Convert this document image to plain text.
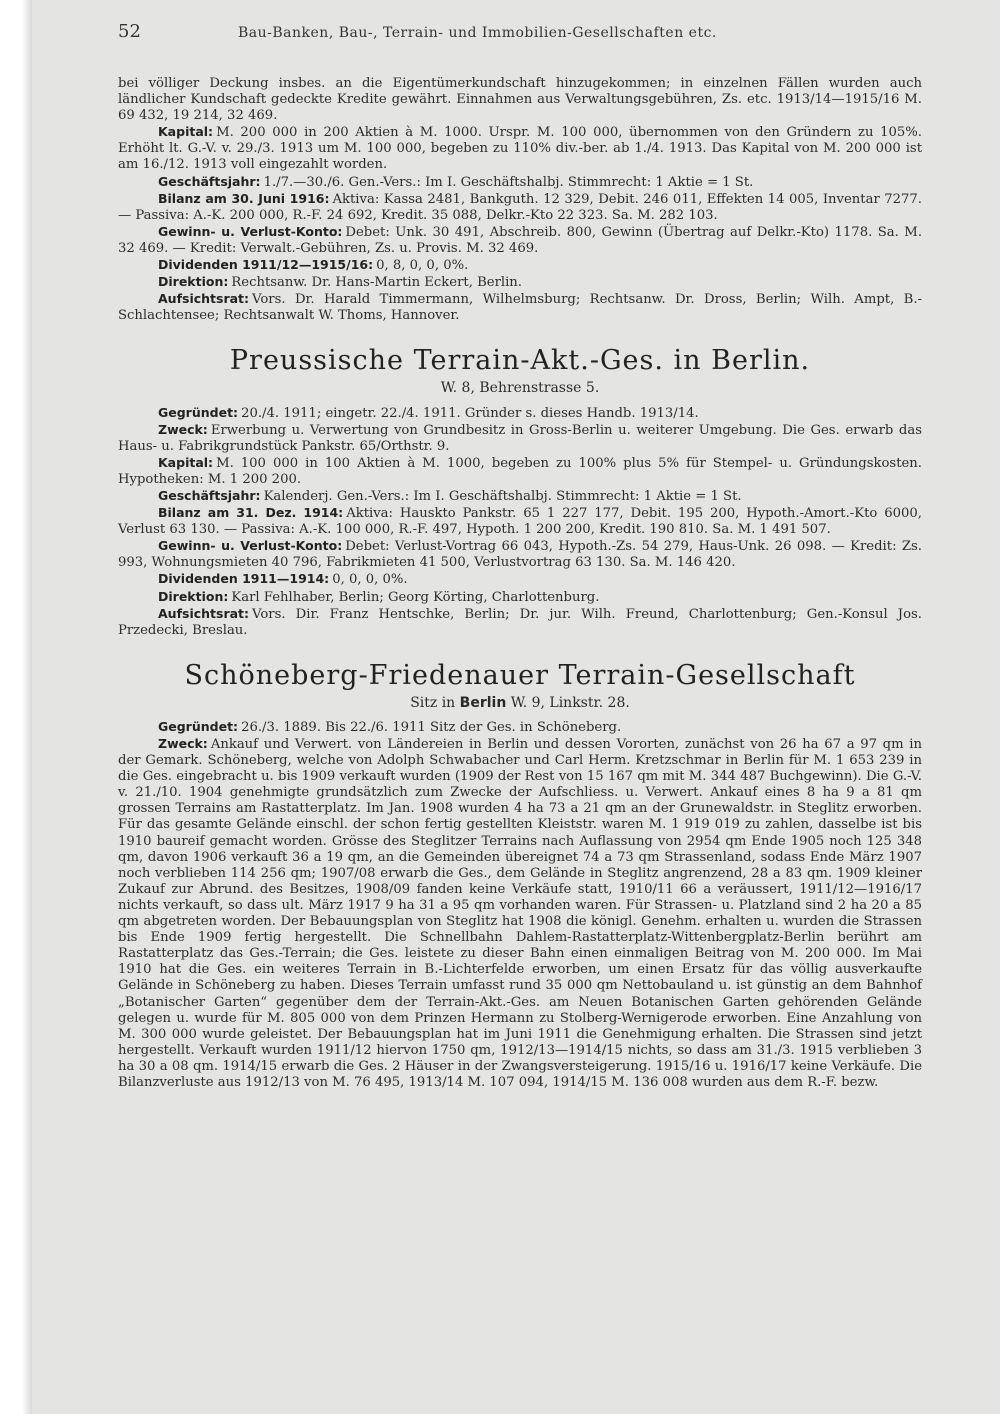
52	Bau-Banken, Bau-, Terrain- und Immobilien-Gesellschaften etc.

bei völliger Deckung insbes. an die Eigentümerkundschaft hinzugekommen; in einzelnen Fällen wurden auch ländlicher Kundschaft gedeckte Kredite gewährt. Einnahmen aus Verwaltungsgebühren, Zs. etc. 1913/14—1915/16 M. 69 432, 19 214, 32 469.

Kapital: M. 200 000 in 200 Aktien à M. 1000. Urspr. M. 100 000, übernommen von den Gründern zu 105%. Erhöht lt. G.-V. v. 29./3. 1913 um M. 100 000, begeben zu 110% div.-ber. ab 1./4. 1913. Das Kapital von M. 200 000 ist am 16./12. 1913 voll eingezahlt worden.

Geschäftsjahr: 1./7.—30./6. Gen.-Vers.: Im I. Geschäftshalbj. Stimmrecht: 1 Aktie = 1 St.

Bilanz am 30. Juni 1916: Aktiva: Kassa 2481, Bankguth. 12 329, Debit. 246 011, Effekten 14 005, Inventar 7277. — Passiva: A.-K. 200 000, R.-F. 24 692, Kredit. 35 088, Delkr.-Kto 22 323. Sa. M. 282 103.

Gewinn- u. Verlust-Konto: Debet: Unk. 30 491, Abschreib. 800, Gewinn (Übertrag auf Delkr.-Kto) 1178. Sa. M. 32 469. — Kredit: Verwalt.-Gebühren, Zs. u. Provis. M. 32 469.

Dividenden 1911/12—1915/16: 0, 8, 0, 0, 0%.

Direktion: Rechtsanw. Dr. Hans-Martin Eckert, Berlin.

Aufsichtsrat: Vors. Dr. Harald Timmermann, Wilhelmsburg; Rechtsanw. Dr. Dross, Berlin; Wilh. Ampt, B.-Schlachtensee; Rechtsanwalt W. Thoms, Hannover.

Preussische Terrain-Akt.-Ges. in Berlin.
W. 8, Behrenstrasse 5.

Gegründet: 20./4. 1911; eingetr. 22./4. 1911. Gründer s. dieses Handb. 1913/14.

Zweck: Erwerbung u. Verwertung von Grundbesitz in Gross-Berlin u. weiterer Umgebung. Die Ges. erwarb das Haus- u. Fabrikgrundstück Pankstr. 65/Orthstr. 9.

Kapital: M. 100 000 in 100 Aktien à M. 1000, begeben zu 100% plus 5% für Stempel- u. Gründungskosten. Hypotheken: M. 1 200 200.

Geschäftsjahr: Kalenderj. Gen.-Vers.: Im I. Geschäftshalbj. Stimmrecht: 1 Aktie = 1 St.

Bilanz am 31. Dez. 1914: Aktiva: Hauskto Pankstr. 65 1 227 177, Debit. 195 200, Hypoth.-Amort.-Kto 6000, Verlust 63 130. — Passiva: A.-K. 100 000, R.-F. 497, Hypoth. 1 200 200, Kredit. 190 810. Sa. M. 1 491 507.

Gewinn- u. Verlust-Konto: Debet: Verlust-Vortrag 66 043, Hypoth.-Zs. 54 279, Haus-Unk. 26 098. — Kredit: Zs. 993, Wohnungsmieten 40 796, Fabrikmieten 41 500, Verlustvortrag 63 130. Sa. M. 146 420.

Dividenden 1911—1914: 0, 0, 0, 0%.

Direktion: Karl Fehlhaber, Berlin; Georg Körting, Charlottenburg.

Aufsichtsrat: Vors. Dir. Franz Hentschke, Berlin; Dr. jur. Wilh. Freund, Charlottenburg; Gen.-Konsul Jos. Przedecki, Breslau.

Schöneberg-Friedenauer Terrain-Gesellschaft
Sitz in Berlin W. 9, Linkstr. 28.

Gegründet: 26./3. 1889. Bis 22./6. 1911 Sitz der Ges. in Schöneberg.

Zweck: Ankauf und Verwert. von Ländereien in Berlin und dessen Vororten, zunächst von 26 ha 67 a 97 qm in der Gemark. Schöneberg, welche von Adolph Schwabacher und Carl Herm. Kretzschmar in Berlin für M. 1 653 239 in die Ges. eingebracht u. bis 1909 verkauft wurden (1909 der Rest von 15 167 qm mit M. 344 487 Buchgewinn). Die G.-V. v. 21./10. 1904 genehmigte grundsätzlich zum Zwecke der Aufschliess. u. Verwert. Ankauf eines 8 ha 9 a 81 qm grossen Terrains am Rastatterplatz. Im Jan. 1908 wurden 4 ha 73 a 21 qm an der Grunewaldstr. in Steglitz erworben. Für das gesamte Gelände einschl. der schon fertig gestellten Kleiststr. waren M. 1 919 019 zu zahlen, dasselbe ist bis 1910 baureif gemacht worden. Grösse des Steglitzer Terrains nach Auflassung von 2954 qm Ende 1905 noch 125 348 qm, davon 1906 verkauft 36 a 19 qm, an die Gemeinden übereignet 74 a 73 qm Strassenland, sodass Ende März 1907 noch verblieben 114 256 qm; 1907/08 erwarb die Ges., dem Gelände in Steglitz angrenzend, 28 a 83 qm. 1909 kleiner Zukauf zur Abrund. des Besitzes, 1908/09 fanden keine Verkäufe statt, 1910/11 66 a veräussert, 1911/12—1916/17 nichts verkauft, so dass ult. März 1917 9 ha 31 a 95 qm vorhanden waren. Für Strassen- u. Platzland sind 2 ha 20 a 85 qm abgetreten worden. Der Bebauungsplan von Steglitz hat 1908 die königl. Genehm. erhalten u. wurden die Strassen bis Ende 1909 fertig hergestellt. Die Schnellbahn Dahlem-Rastatterplatz-Wittenbergplatz-Berlin berührt am Rastatterplatz das Ges.-Terrain; die Ges. leistete zu dieser Bahn einen einmaligen Beitrag von M. 200 000. Im Mai 1910 hat die Ges. ein weiteres Terrain in B.-Lichterfelde erworben, um einen Ersatz für das völlig ausverkaufte Gelände in Schöneberg zu haben. Dieses Terrain umfasst rund 35 000 qm Nettobauland u. ist günstig an dem Bahnhof „Botanischer Garten“ gegenüber dem der Terrain-Akt.-Ges. am Neuen Botanischen Garten gehörenden Gelände gelegen u. wurde für M. 805 000 von dem Prinzen Hermann zu Stolberg-Wernigerode erworben. Eine Anzahlung von M. 300 000 wurde geleistet. Der Bebauungsplan hat im Juni 1911 die Genehmigung erhalten. Die Strassen sind jetzt hergestellt. Verkauft wurden 1911/12 hiervon 1750 qm, 1912/13—1914/15 nichts, so dass am 31./3. 1915 verblieben 3 ha 30 a 08 qm. 1914/15 erwarb die Ges. 2 Häuser in der Zwangsversteigerung. 1915/16 u. 1916/17 keine Verkäufe. Die Bilanzverluste aus 1912/13 von M. 76 495, 1913/14 M. 107 094, 1914/15 M. 136 008 wurden aus dem R.-F. bezw.
